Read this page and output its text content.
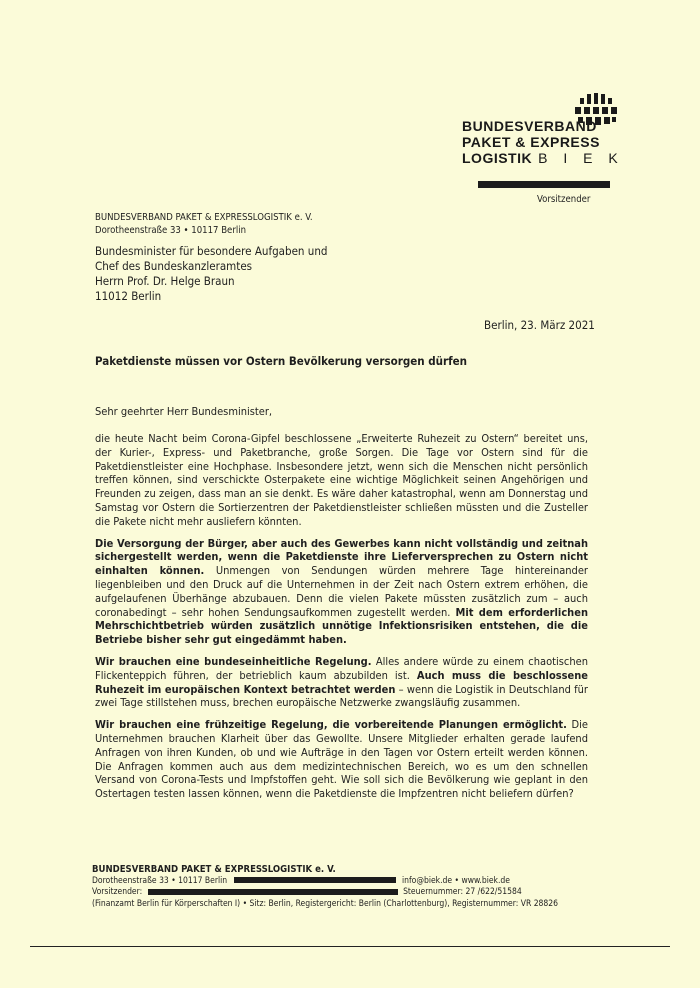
BUNDESVERBAND
PAKET & EXPRESS
LOGISTIK B I E K
Vorsitzender
BUNDESVERBAND PAKET & EXPRESSLOGISTIK e. V.
Dorotheenstraße 33 • 10117 Berlin
Bundesminister für besondere Aufgaben und
Chef des Bundeskanzleramtes
Herrn Prof. Dr. Helge Braun
11012 Berlin
Berlin, 23. März 2021
Paketdienste müssen vor Ostern Bevölkerung versorgen dürfen
Sehr geehrter Herr Bundesminister,

die heute Nacht beim Corona-Gipfel beschlossene „Erweiterte Ruhezeit zu Ostern“ bereitet uns, der Kurier-, Express- und Paketbranche, große Sorgen. Die Tage vor Ostern sind für die Paketdienstleister eine Hochphase. Insbesondere jetzt, wenn sich die Menschen nicht persönlich treffen können, sind verschickte Osterpakete eine wichtige Möglichkeit seinen Angehörigen und Freunden zu zeigen, dass man an sie denkt. Es wäre daher katastrophal, wenn am Donnerstag und Samstag vor Ostern die Sortierzentren der Paketdienstleister schließen müssten und die Zusteller die Pakete nicht mehr ausliefern könnten.

Die Versorgung der Bürger, aber auch des Gewerbes kann nicht vollständig und zeitnah sichergestellt werden, wenn die Paketdienste ihre Lieferversprechen zu Ostern nicht einhalten können. Unmengen von Sendungen würden mehrere Tage hintereinander liegenbleiben und den Druck auf die Unternehmen in der Zeit nach Ostern extrem erhöhen, die aufgelaufenen Überhänge abzubauen. Denn die vielen Pakete müssten zusätzlich zum – auch coronabedingt – sehr hohen Sendungsaufkommen zugestellt werden. Mit dem erforderlichen Mehrschichtbetrieb würden zusätzlich unnötige Infektionsrisiken entstehen, die die Betriebe bisher sehr gut eingedämmt haben.

Wir brauchen eine bundeseinheitliche Regelung. Alles andere würde zu einem chaotischen Flickenteppich führen, der betrieblich kaum abzubilden ist. Auch muss die beschlossene Ruhezeit im europäischen Kontext betrachtet werden – wenn die Logistik in Deutschland für zwei Tage stillstehen muss, brechen europäische Netzwerke zwangsläufig zusammen.

Wir brauchen eine frühzeitige Regelung, die vorbereitende Planungen ermöglicht. Die Unternehmen brauchen Klarheit über das Gewollte. Unsere Mitglieder erhalten gerade laufend Anfragen von ihren Kunden, ob und wie Aufträge in den Tagen vor Ostern erteilt werden können. Die Anfragen kommen auch aus dem medizintechnischen Bereich, wo es um den schnellen Versand von Corona-Tests und Impfstoffen geht. Wie soll sich die Bevölkerung wie geplant in den Ostertagen testen lassen können, wenn die Paketdienste die Impfzentren nicht beliefern dürfen?

BUNDESVERBAND PAKET & EXPRESSLOGISTIK e. V.
Dorotheenstraße 33 • 10117 Berlin	info@biek.de • www.biek.de
Vorsitzender:	Steuernummer: 27 /622/51584
(Finanzamt Berlin für Körperschaften I) • Sitz: Berlin, Registergericht: Berlin (Charlottenburg), Registernummer: VR 28826
